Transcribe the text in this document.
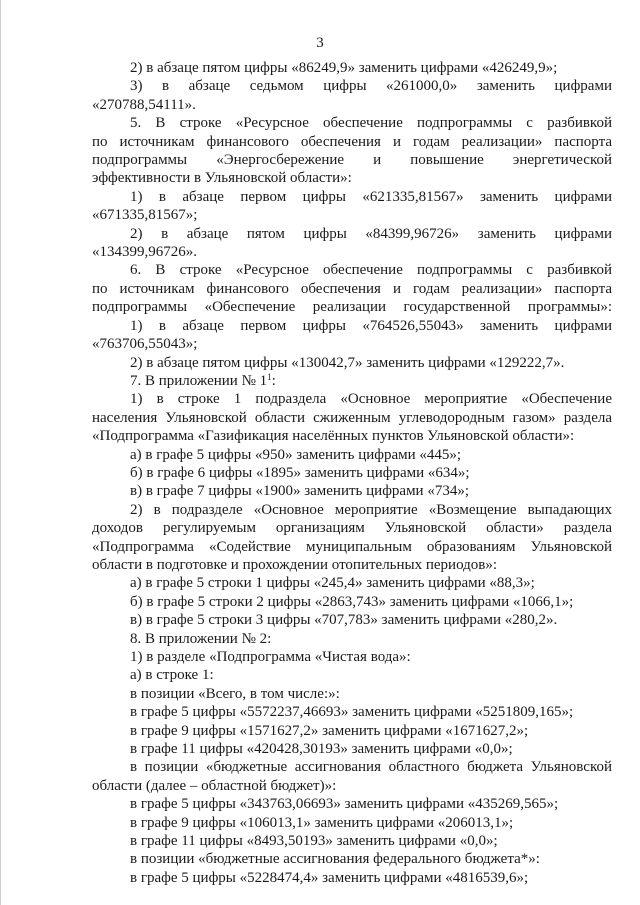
3

2) в абзаце пятом цифры «86249,9» заменить цифрами «426249,9»;

3) в абзаце седьмом цифры «261000,0» заменить цифрами

«270788,54111».

5. В строке «Ресурсное обеспечение подпрограммы с разбивкой

по источникам финансового обеспечения и годам реализации» паспорта

подпрограммы «Энергосбережение и повышение энергетической

эффективности в Ульяновской области»:

1) в абзаце первом цифры «621335,81567» заменить цифрами

«671335,81567»;

2) в абзаце пятом цифры «84399,96726» заменить цифрами

«134399,96726».

6. В строке «Ресурсное обеспечение подпрограммы с разбивкой

по источникам финансового обеспечения и годам реализации» паспорта

подпрограммы «Обеспечение реализации государственной программы»:

1) в абзаце первом цифры «764526,55043» заменить цифрами

«763706,55043»;

2) в абзаце пятом цифры «130042,7» заменить цифрами «129222,7».

7. В приложении № $1^1$:

1) в строке 1 подраздела «Основное мероприятие «Обеспечение

населения Ульяновской области сжиженным углеводородным газом» раздела

«Подпрограмма «Газификация населённых пунктов Ульяновской области»:

а) в графе 5 цифры «950» заменить цифрами «445»;

б) в графе 6 цифры «1895» заменить цифрами «634»;

в) в графе 7 цифры «1900» заменить цифрами «734»;

2) в подразделе «Основное мероприятие «Возмещение выпадающих

доходов регулируемым организациям Ульяновской области» раздела

«Подпрограмма «Содействие муниципальным образованиям Ульяновской

области в подготовке и прохождении отопительных периодов»:

а) в графе 5 строки 1 цифры «245,4» заменить цифрами «88,3»;

б) в графе 5 строки 2 цифры «2863,743» заменить цифрами «1066,1»;

в) в графе 5 строки 3 цифры «707,783» заменить цифрами «280,2».

8. В приложении № 2:

1) в разделе «Подпрограмма «Чистая вода»:

а) в строке 1:

в позиции «Всего, в том числе:»:

в графе 5 цифры «5572237,46693» заменить цифрами «5251809,165»;

в графе 9 цифры «1571627,2» заменить цифрами «1671627,2»;

в графе 11 цифры «420428,30193» заменить цифрами «0,0»;

в позиции «бюджетные ассигнования областного бюджета Ульяновской

области (далее – областной бюджет)»:

в графе 5 цифры «343763,06693» заменить цифрами «435269,565»;

в графе 9 цифры «106013,1» заменить цифрами «206013,1»;

в графе 11 цифры «8493,50193» заменить цифрами «0,0»;

в позиции «бюджетные ассигнования федерального бюджета*»:

в графе 5 цифры «5228474,4» заменить цифрами «4816539,6»;
